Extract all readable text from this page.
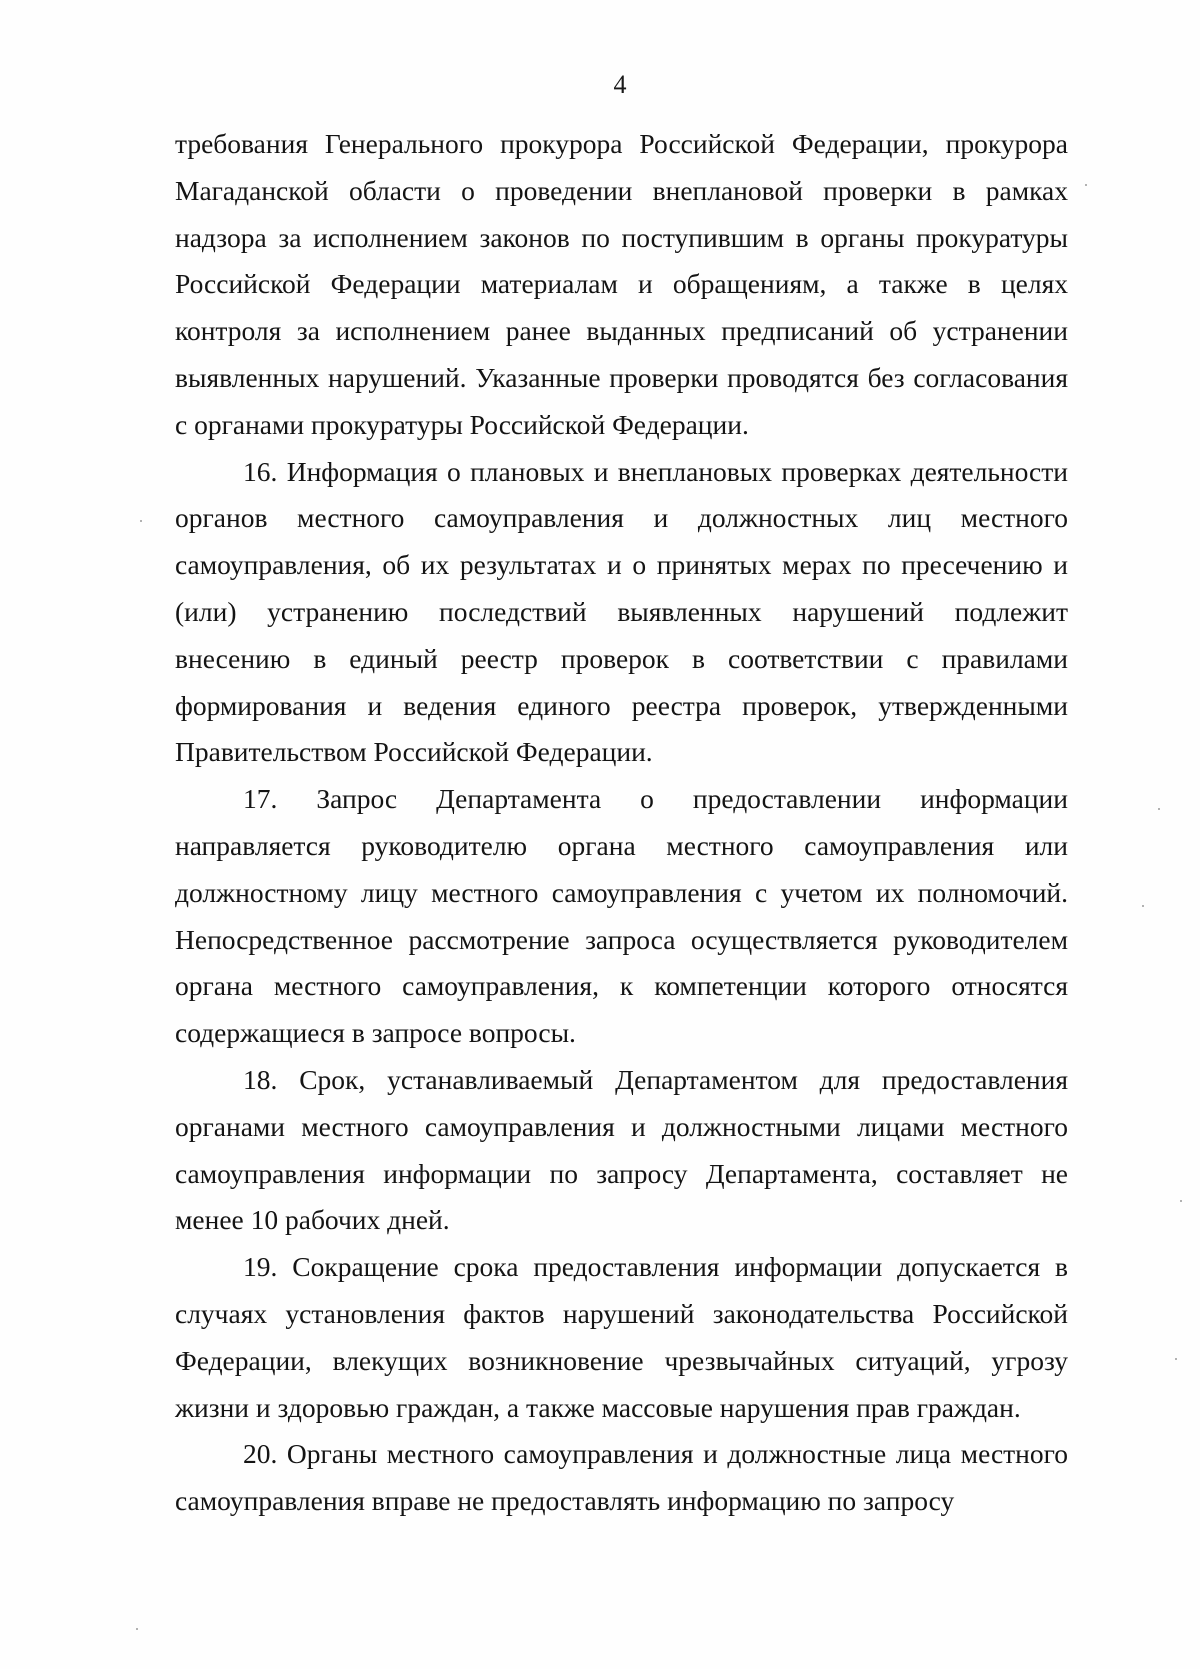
4

требования Генерального прокурора Российской Федерации, прокурора Магаданской области о проведении внеплановой проверки в рамках надзора за исполнением законов по поступившим в органы прокуратуры Российской Федерации материалам и обращениям, а также в целях контроля за исполнением ранее выданных предписаний об устранении выявленных нарушений. Указанные проверки проводятся без согласования с органами прокуратуры Российской Федерации.

16. Информация о плановых и внеплановых проверках деятельности органов местного самоуправления и должностных лиц местного самоуправления, об их результатах и о принятых мерах по пресечению и (или) устранению последствий выявленных нарушений подлежит внесению в единый реестр проверок в соответствии с правилами формирования и ведения единого реестра проверок, утвержденными Правительством Российской Федерации.

17. Запрос Департамента о предоставлении информации направляется руководителю органа местного самоуправления или должностному лицу местного самоуправления с учетом их полномочий. Непосредственное рассмотрение запроса осуществляется руководителем органа местного самоуправления, к компетенции которого относятся содержащиеся в запросе вопросы.

18. Срок, устанавливаемый Департаментом для предоставления органами местного самоуправления и должностными лицами местного самоуправления информации по запросу Департамента, составляет не менее 10 рабочих дней.

19. Сокращение срока предоставления информации допускается в случаях установления фактов нарушений законодательства Российской Федерации, влекущих возникновение чрезвычайных ситуаций, угрозу жизни и здоровью граждан, а также массовые нарушения прав граждан.

20. Органы местного самоуправления и должностные лица местного самоуправления вправе не предоставлять информацию по запросу
